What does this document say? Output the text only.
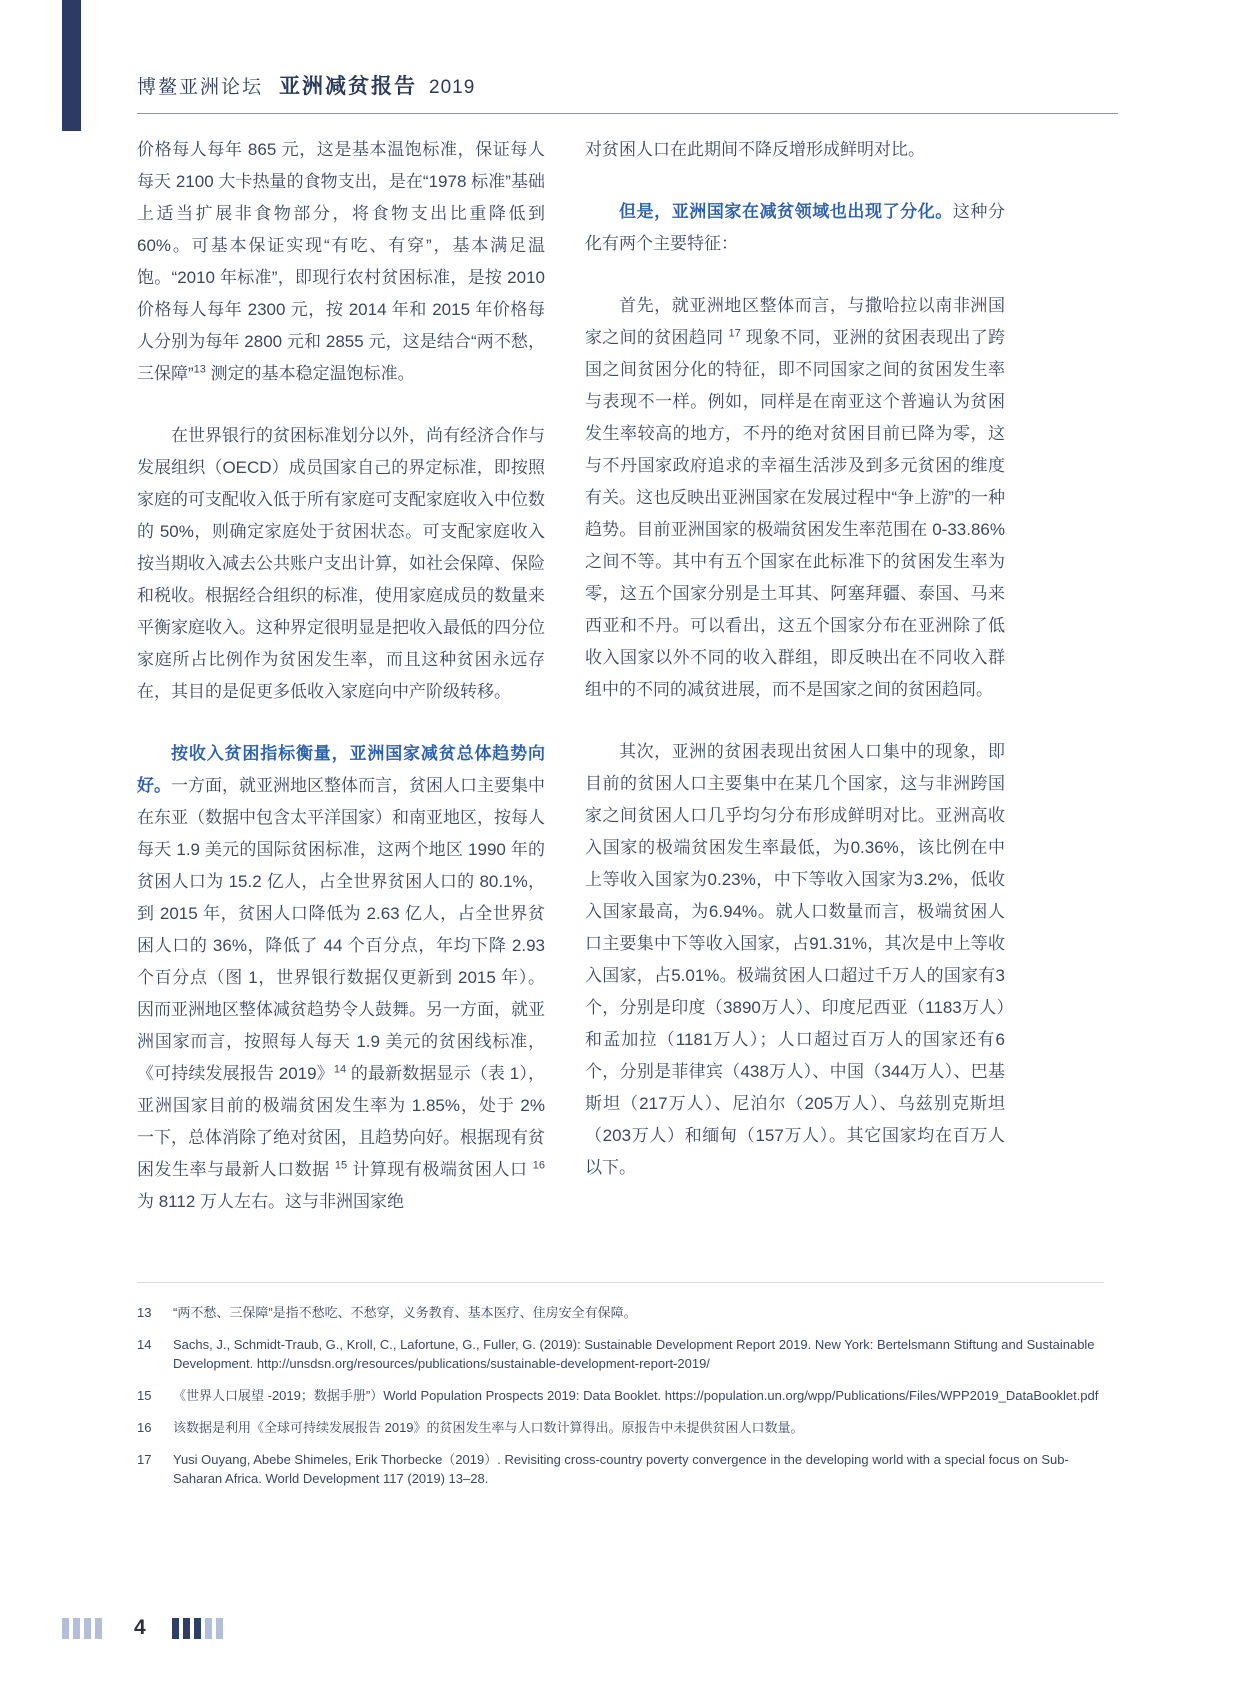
博鳌亚洲论坛 亚洲减贫报告 2019

价格每人每年 865 元，这是基本温饱标准，保证每人每天 2100 大卡热量的食物支出，是在“1978 标准”基础上适当扩展非食物部分，将食物支出比重降低到 60%。可基本保证实现“有吃、有穿”，基本满足温饱。“2010 年标准”，即现行农村贫困标准，是按 2010 价格每人每年 2300 元，按 2014 年和 2015 年价格每人分别为每年 2800 元和 2855 元，这是结合“两不愁，三保障”$^{13}$ 测定的基本稳定温饱标准。

在世界银行的贫困标准划分以外，尚有经济合作与发展组织（OECD）成员国家自己的界定标准，即按照家庭的可支配收入低于所有家庭可支配家庭收入中位数的 50%，则确定家庭处于贫困状态。可支配家庭收入按当期收入减去公共账户支出计算，如社会保障、保险和税收。根据经合组织的标准，使用家庭成员的数量来平衡家庭收入。这种界定很明显是把收入最低的四分位家庭所占比例作为贫困发生率，而且这种贫困永远存在，其目的是促更多低收入家庭向中产阶级转移。

按收入贫困指标衡量，亚洲国家减贫总体趋势向好。一方面，就亚洲地区整体而言，贫困人口主要集中在东亚（数据中包含太平洋国家）和南亚地区，按每人每天 1.9 美元的国际贫困标准，这两个地区 1990 年的贫困人口为 15.2 亿人，占全世界贫困人口的 80.1%，到 2015 年，贫困人口降低为 2.63 亿人，占全世界贫困人口的 36%，降低了 44 个百分点，年均下降 2.93 个百分点（图 1，世界银行数据仅更新到 2015 年）。因而亚洲地区整体减贫趋势令人鼓舞。另一方面，就亚洲国家而言，按照每人每天 1.9 美元的贫困线标准，《可持续发展报告 2019》$^{14}$ 的最新数据显示（表 1），亚洲国家目前的极端贫困发生率为 1.85%，处于 2% 一下，总体消除了绝对贫困，且趋势向好。根据现有贫困发生率与最新人口数据 $^{15}$ 计算现有极端贫困人口 $^{16}$ 为 8112 万人左右。这与非洲国家绝

对贫困人口在此期间不降反增形成鲜明对比。

但是，亚洲国家在减贫领域也出现了分化。这种分化有两个主要特征：

首先，就亚洲地区整体而言，与撒哈拉以南非洲国家之间的贫困趋同 $^{17}$ 现象不同，亚洲的贫困表现出了跨国之间贫困分化的特征，即不同国家之间的贫困发生率与表现不一样。例如，同样是在南亚这个普遍认为贫困发生率较高的地方，不丹的绝对贫困目前已降为零，这与不丹国家政府追求的幸福生活涉及到多元贫困的维度有关。这也反映出亚洲国家在发展过程中“争上游”的一种趋势。目前亚洲国家的极端贫困发生率范围在 0-33.86% 之间不等。其中有五个国家在此标准下的贫困发生率为零，这五个国家分别是土耳其、阿塞拜疆、泰国、马来西亚和不丹。可以看出，这五个国家分布在亚洲除了低收入国家以外不同的收入群组，即反映出在不同收入群组中的不同的减贫进展，而不是国家之间的贫困趋同。

其次，亚洲的贫困表现出贫困人口集中的现象，即目前的贫困人口主要集中在某几个国家，这与非洲跨国家之间贫困人口几乎均匀分布形成鲜明对比。亚洲高收入国家的极端贫困发生率最低，为0.36%，该比例在中上等收入国家为0.23%，中下等收入国家为3.2%，低收入国家最高，为6.94%。就人口数量而言，极端贫困人口主要集中下等收入国家，占91.31%，其次是中上等收入国家，占5.01%。极端贫困人口超过千万人的国家有3个，分别是印度（3890万人）、印度尼西亚（1183万人）和孟加拉（1181万人）；人口超过百万人的国家还有6个，分别是菲律宾（438万人）、中国（344万人）、巴基斯坦（217万人）、尼泊尔（205万人）、乌兹别克斯坦（203万人）和缅甸（157万人）。其它国家均在百万人以下。

13	“两不愁、三保障”是指不愁吃、不愁穿，义务教育、基本医疗、住房安全有保障。
14	Sachs, J., Schmidt-Traub, G., Kroll, C., Lafortune, G., Fuller, G. (2019): Sustainable Development Report 2019. New York: Bertelsmann Stiftung and Sustainable Development. http://unsdsn.org/resources/publications/sustainable-development-report-2019/
15	《世界人口展望 -2019；数据手册”）World Population Prospects 2019: Data Booklet. https://population.un.org/wpp/Publications/Files/WPP2019_DataBooklet.pdf
16	该数据是利用《全球可持续发展报告 2019》的贫困发生率与人口数计算得出。原报告中未提供贫困人口数量。
17	Yusi Ouyang, Abebe Shimeles, Erik Thorbecke（2019）. Revisiting cross-country poverty convergence in the developing world with a special focus on Sub-Saharan Africa. World Development 117 (2019) 13–28.
4
